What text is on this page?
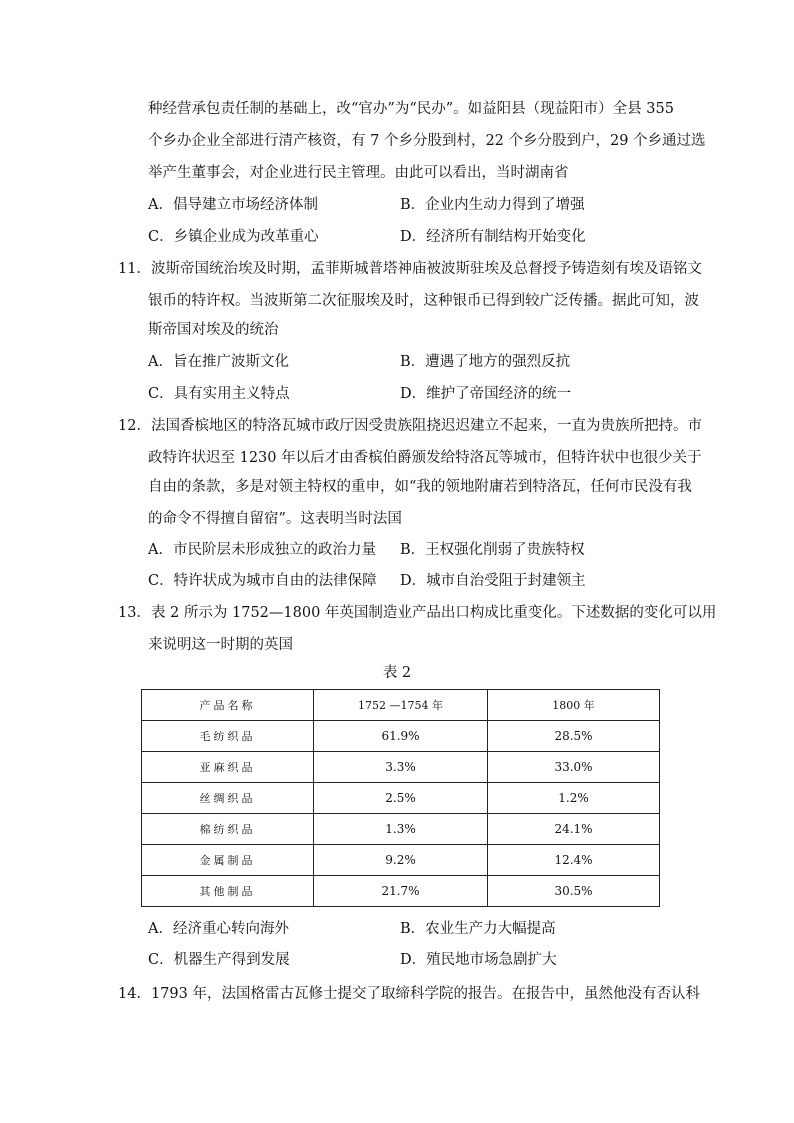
种经营承包责任制的基础上，改“官办”为“民办”。如益阳县（现益阳市）全县 355
个乡办企业全部进行清产核资，有 7 个乡分股到村，22 个乡分股到户，29 个乡通过选
举产生董事会，对企业进行民主管理。由此可以看出，当时湖南省
A．倡导建立市场经济体制	B．企业内生动力得到了增强
C．乡镇企业成为改革重心	D．经济所有制结构开始变化
11．波斯帝国统治埃及时期，孟菲斯城普塔神庙被波斯驻埃及总督授予铸造刻有埃及语铭文
银币的特许权。当波斯第二次征服埃及时，这种银币已得到较广泛传播。据此可知，波
斯帝国对埃及的统治
A．旨在推广波斯文化	B．遭遇了地方的强烈反抗
C．具有实用主义特点	D．维护了帝国经济的统一
12．法国香槟地区的特洛瓦城市政厅因受贵族阻挠迟迟建立不起来，一直为贵族所把持。市
政特许状迟至 1230 年以后才由香槟伯爵颁发给特洛瓦等城市，但特许状中也很少关于
自由的条款，多是对领主特权的重申，如“我的领地附庸若到特洛瓦，任何市民没有我
的命令不得擅自留宿”。这表明当时法国
A．市民阶层未形成独立的政治力量 B．王权强化削弱了贵族特权
C．特许状成为城市自由的法律保障 D．城市自治受阻于封建领主
13．表 2 所示为 1752—1800 年英国制造业产品出口构成比重变化。下述数据的变化可以用
来说明这一时期的英国
表 2
产品名称	1752 —1754 年	1800 年
毛纺织品	61.9%	28.5%
亚麻织品	3.3%	33.0%
丝绸织品	2.5%	1.2%
棉纺织品	1.3%	24.1%
金属制品	9.2%	12.4%
其他制品	21.7%	30.5%
A．经济重心转向海外	B．农业生产力大幅提高
C．机器生产得到发展	D．殖民地市场急剧扩大
14．1793 年，法国格雷古瓦修士提交了取缔科学院的报告。在报告中，虽然他没有否认科
